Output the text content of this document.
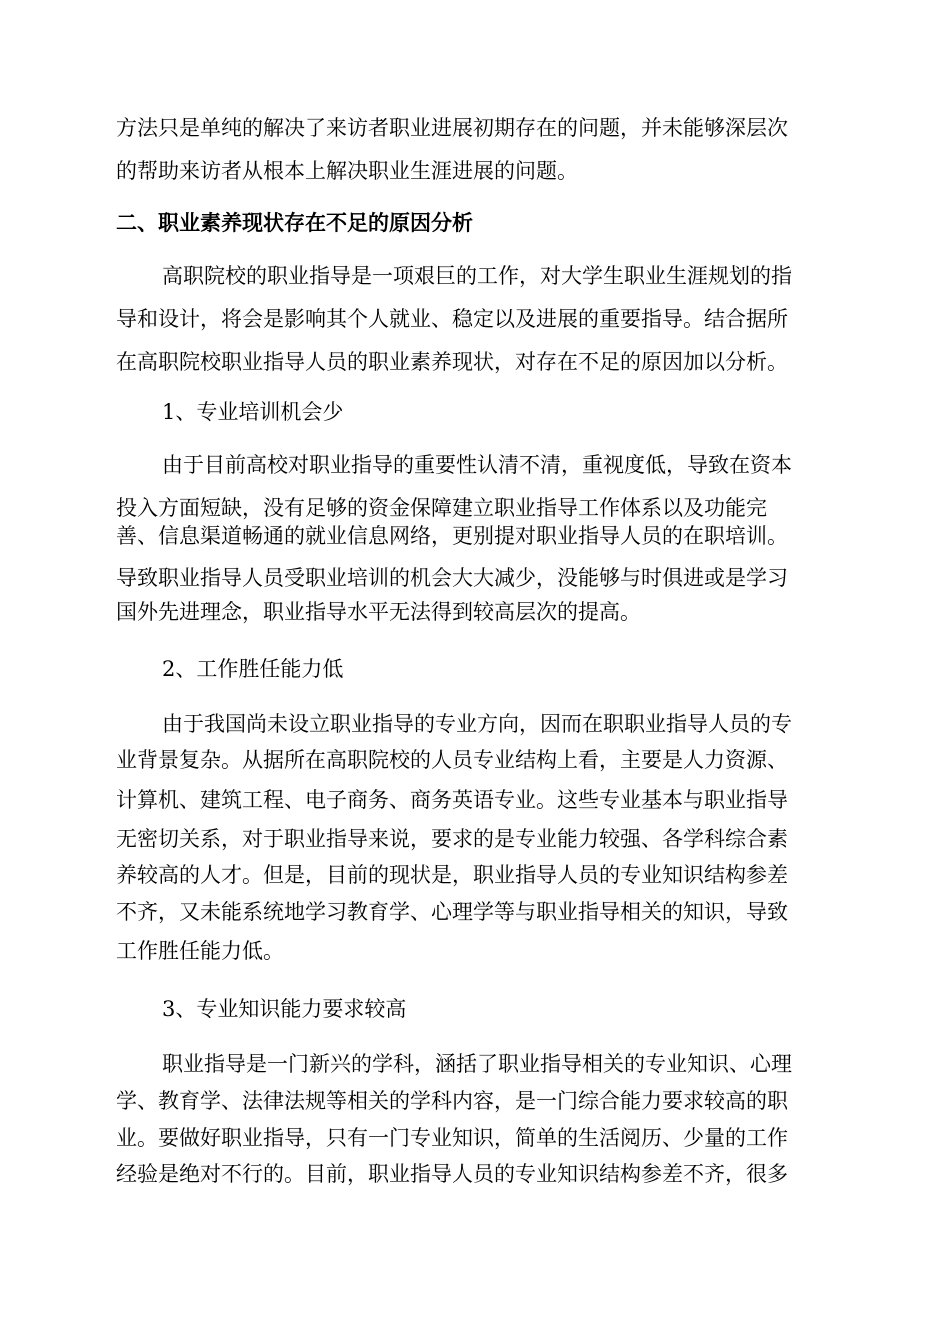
方法只是单纯的解决了来访者职业进展初期存在的问题，并未能够深层次
的帮助来访者从根本上解决职业生涯进展的问题。
二、职业素养现状存在不足的原因分析
高职院校的职业指导是一项艰巨的工作，对大学生职业生涯规划的指
导和设计，将会是影响其个人就业、稳定以及进展的重要指导。结合据所
在高职院校职业指导人员的职业素养现状，对存在不足的原因加以分析。
1、专业培训机会少
由于目前高校对职业指导的重要性认清不清，重视度低，导致在资本
投入方面短缺，没有足够的资金保障建立职业指导工作体系以及功能完
善、信息渠道畅通的就业信息网络，更别提对职业指导人员的在职培训。
导致职业指导人员受职业培训的机会大大减少，没能够与时俱进或是学习
国外先进理念，职业指导水平无法得到较高层次的提高。
2、工作胜任能力低
由于我国尚未设立职业指导的专业方向，因而在职职业指导人员的专
业背景复杂。从据所在高职院校的人员专业结构上看，主要是人力资源、
计算机、建筑工程、电子商务、商务英语专业。这些专业基本与职业指导
无密切关系，对于职业指导来说，要求的是专业能力较强、各学科综合素
养较高的人才。但是，目前的现状是，职业指导人员的专业知识结构参差
不齐，又未能系统地学习教育学、心理学等与职业指导相关的知识，导致
工作胜任能力低。
3、专业知识能力要求较高
职业指导是一门新兴的学科，涵括了职业指导相关的专业知识、心理
学、教育学、法律法规等相关的学科内容，是一门综合能力要求较高的职
业。要做好职业指导，只有一门专业知识，简单的生活阅历、少量的工作
经验是绝对不行的。目前，职业指导人员的专业知识结构参差不齐，很多
